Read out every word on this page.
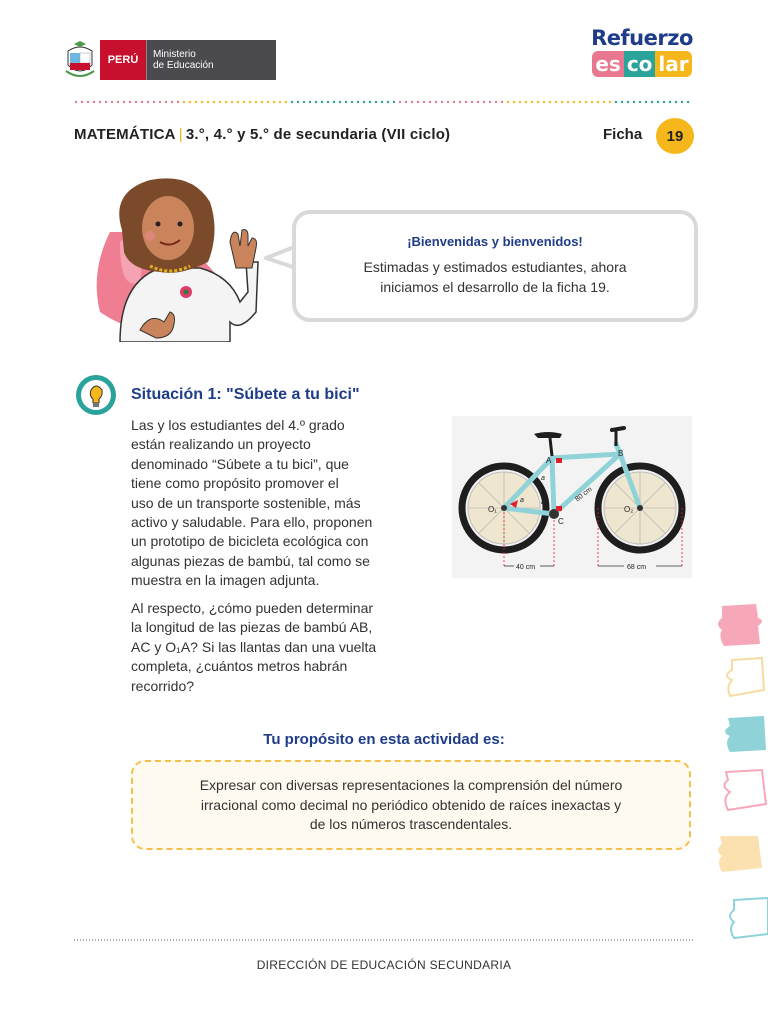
PERÚ	Ministerio
de Educación
Refuerzo
es co lar
MATEMÁTICA | 3.°, 4.° y 5.° de secundaria (VII ciclo)	Ficha	19
¡Bienvenidas y bienvenidos!
Estimadas y estimados estudiantes, ahora
iniciamos el desarrollo de la ficha 19.
Situación 1: "Súbete a tu bici"
Las y los estudiantes del 4.º grado
están realizando un proyecto
denominado “Súbete a tu bici”, que
tiene como propósito promover el
uso de un transporte sostenible, más
activo y saludable. Para ello, proponen
un prototipo de bicicleta ecológica con
algunas piezas de bambú, tal como se
muestra en la imagen adjunta.
Al respecto, ¿cómo pueden determinar
la longitud de las piezas de bambú AB,
AC y O₁A? Si las llantas dan una vuelta
completa, ¿cuántos metros habrán
recorrido?
A
B
C
O₁	O₂
a
a
a	80 cm
40 cm	68 cm
Tu propósito en esta actividad es:
Expresar con diversas representaciones la comprensión del número
irracional como decimal no periódico obtenido de raíces inexactas y
de los números trascendentales.
DIRECCIÓN DE EDUCACIÓN SECUNDARIA
